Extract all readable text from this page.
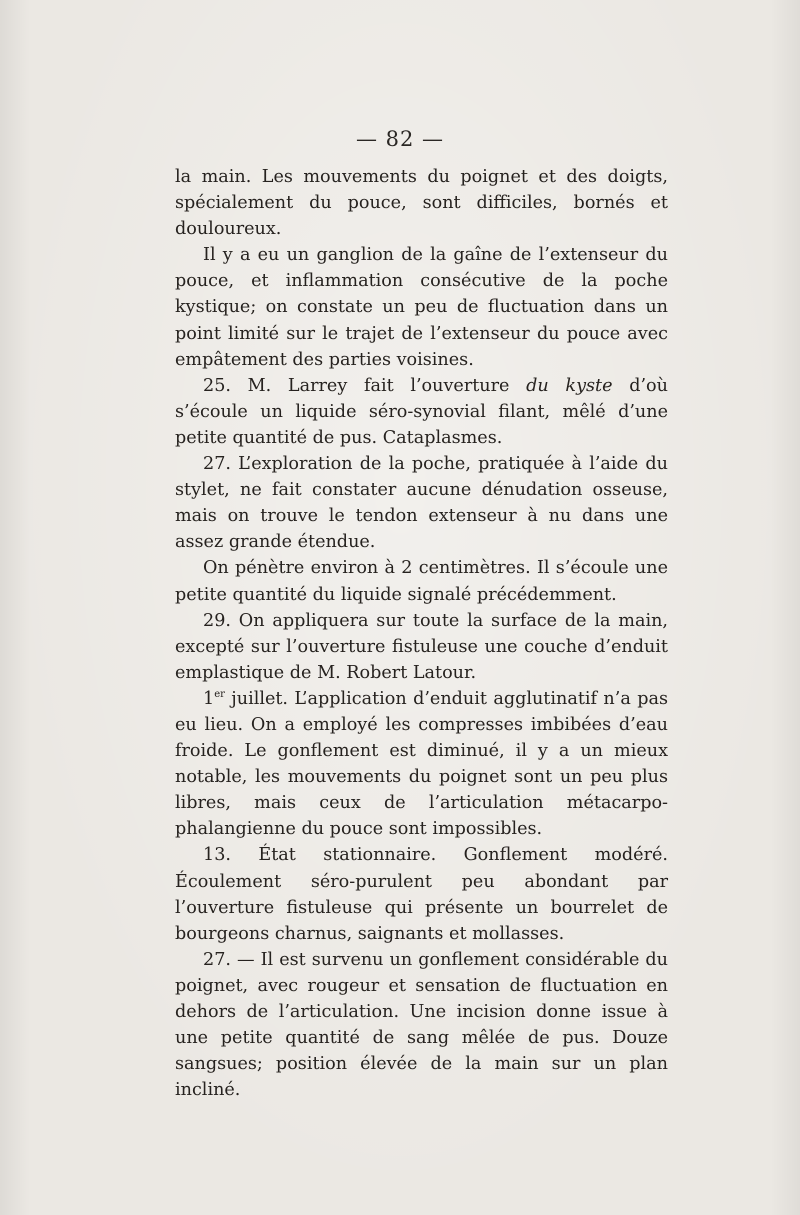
— 82 —

la main. Les mouvements du poignet et des doigts, spécialement du pouce, sont difficiles, bornés et douloureux.

Il y a eu un ganglion de la gaîne de l’extenseur du pouce, et inflammation consécutive de la poche kystique; on constate un peu de fluctuation dans un point limité sur le trajet de l’extenseur du pouce avec empâtement des parties voisines.

25. M. Larrey fait l’ouverture du kyste d’où s’écoule un liquide séro-synovial filant, mêlé d’une petite quantité de pus. Cataplasmes.

27. L’exploration de la poche, pratiquée à l’aide du stylet, ne fait constater aucune dénudation osseuse, mais on trouve le tendon extenseur à nu dans une assez grande étendue.

On pénètre environ à 2 centimètres. Il s’écoule une petite quantité du liquide signalé précédemment.

29. On appliquera sur toute la surface de la main, excepté sur l’ouverture fistuleuse une couche d’enduit emplastique de M. Robert Latour.

1er juillet. L’application d’enduit agglutinatif n’a pas eu lieu. On a employé les compresses imbibées d’eau froide. Le gonflement est diminué, il y a un mieux notable, les mouvements du poignet sont un peu plus libres, mais ceux de l’articulation métacarpo-phalangienne du pouce sont impossibles.

13. État stationnaire. Gonflement modéré. Écoulement séro-purulent peu abondant par l’ouverture fistuleuse qui présente un bourrelet de bourgeons charnus, saignants et mollasses.

27. — Il est survenu un gonflement considérable du poignet, avec rougeur et sensation de fluctuation en dehors de l’articulation. Une incision donne issue à une petite quantité de sang mêlée de pus. Douze sangsues; position élevée de la main sur un plan incliné.
